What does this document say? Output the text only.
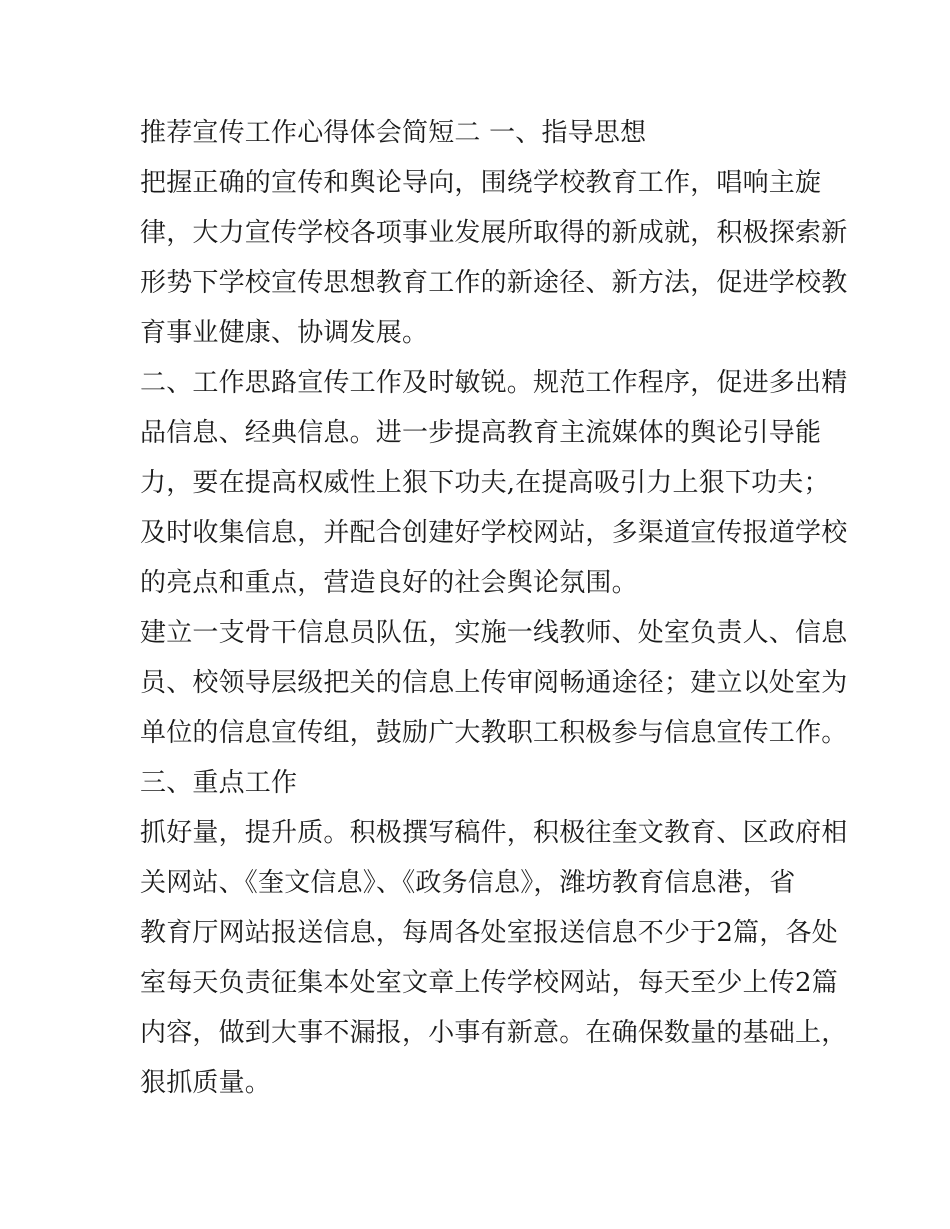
推荐宣传工作心得体会简短二 一、指导思想
把握正确的宣传和舆论导向，围绕学校教育工作，唱响主旋
律，大力宣传学校各项事业发展所取得的新成就，积极探索新
形势下学校宣传思想教育工作的新途径、新方法，促进学校教
育事业健康、协调发展。
二、工作思路宣传工作及时敏锐。规范工作程序，促进多出精
品信息、经典信息。进一步提高教育主流媒体的舆论引导能
力，要在提高权威性上狠下功夫,在提高吸引力上狠下功夫；
及时收集信息，并配合创建好学校网站，多渠道宣传报道学校
的亮点和重点，营造良好的社会舆论氛围。
建立一支骨干信息员队伍，实施一线教师、处室负责人、信息
员、校领导层级把关的信息上传审阅畅通途径；建立以处室为
单位的信息宣传组，鼓励广大教职工积极参与信息宣传工作。
三、重点工作
抓好量，提升质。积极撰写稿件，积极往奎文教育、区政府相
关网站、《奎文信息》、《政务信息》，潍坊教育信息港，省
教育厅网站报送信息，每周各处室报送信息不少于2篇，各处
室每天负责征集本处室文章上传学校网站，每天至少上传2篇
内容，做到大事不漏报，小事有新意。在确保数量的基础上，
狠抓质量。
